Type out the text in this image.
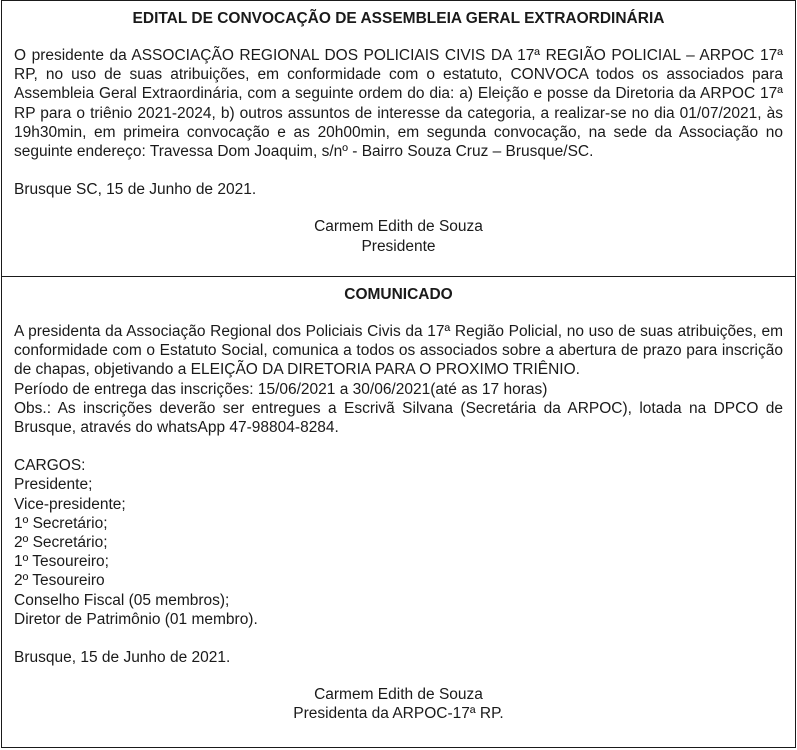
EDITAL DE CONVOCAÇÃO DE ASSEMBLEIA GERAL EXTRAORDINÁRIA

O presidente da ASSOCIAÇÃO REGIONAL DOS POLICIAIS CIVIS DA 17ª REGIÃO POLICIAL – ARPOC 17ª RP, no uso de suas atribuições, em conformidade com o estatuto, CONVOCA todos os associados para Assembleia Geral Extraordinária, com a seguinte ordem do dia: a) Eleição e posse da Diretoria da ARPOC 17ª RP para o triênio 2021-2024, b) outros assuntos de interesse da categoria, a realizar-se no dia 01/07/2021, às 19h30min, em primeira convocação e as 20h00min, em segunda convocação, na sede da Associação no seguinte endereço: Travessa Dom Joaquim, s/nº - Bairro Souza Cruz – Brusque/SC.

Brusque SC, 15 de Junho de 2021.

Carmem Edith de Souza

Presidente

COMUNICADO

A presidenta da Associação Regional dos Policiais Civis da 17ª Região Policial, no uso de suas atribuições, em conformidade com o Estatuto Social, comunica a todos os associados sobre a abertura de prazo para inscrição de chapas, objetivando a ELEIÇÃO DA DIRETORIA PARA O PROXIMO TRIÊNIO.

Período de entrega das inscrições: 15/06/2021 a 30/06/2021(até as 17 horas)

Obs.: As inscrições deverão ser entregues a Escrivã Silvana (Secretária da ARPOC), lotada na DPCO de Brusque, através do whatsApp 47-98804-8284.

CARGOS:

Presidente;

Vice-presidente;

1º Secretário;

2º Secretário;

1º Tesoureiro;

2º Tesoureiro

Conselho Fiscal (05 membros);

Diretor de Patrimônio (01 membro).

Brusque, 15 de Junho de 2021.

Carmem Edith de Souza

Presidenta da ARPOC-17ª RP.
